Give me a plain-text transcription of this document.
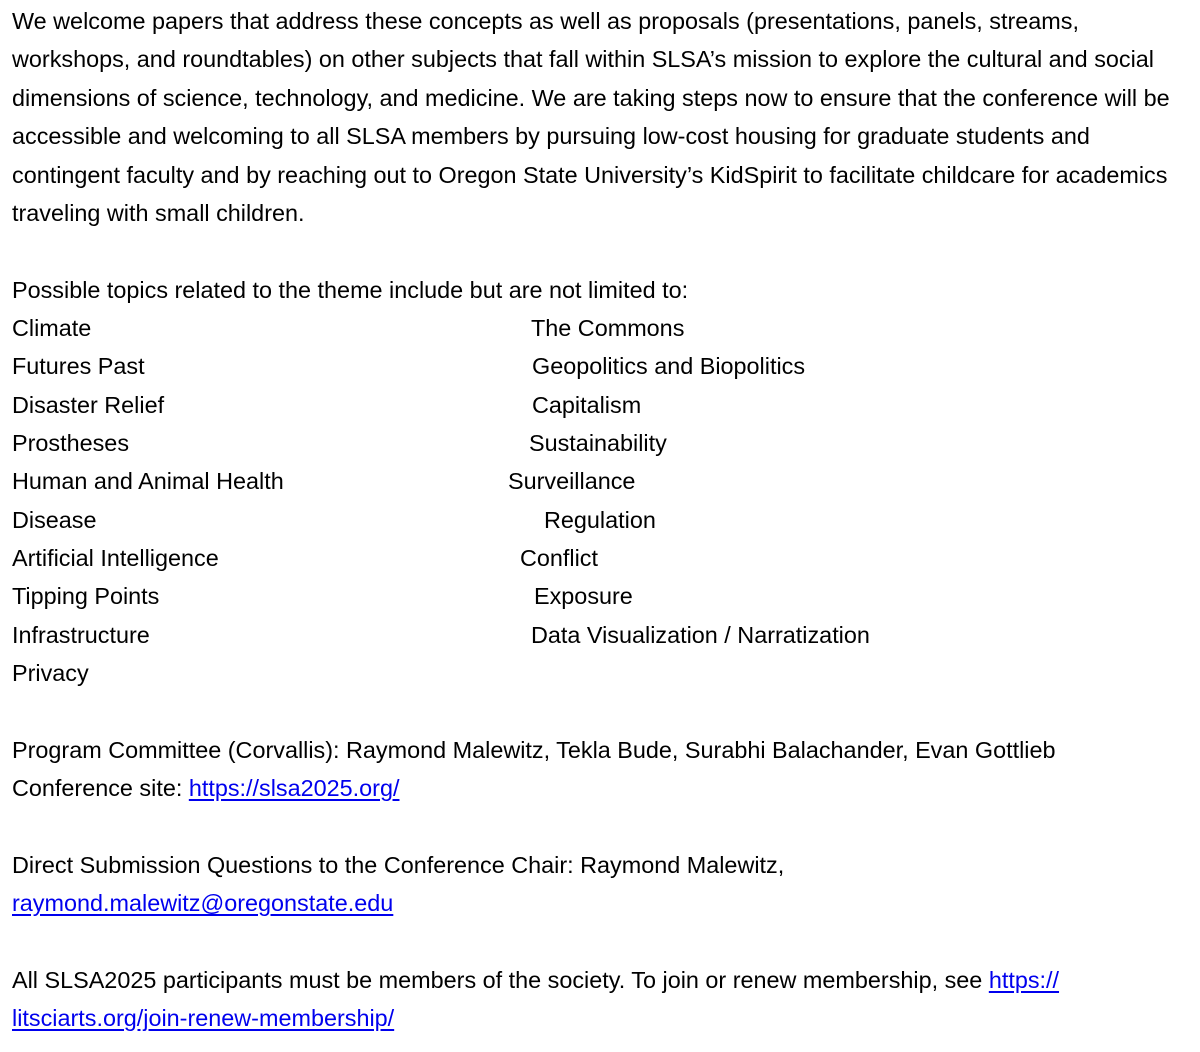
We welcome papers that address these concepts as well as proposals (presentations, panels, streams, workshops, and roundtables) on other subjects that fall within SLSA’s mission to explore the cultural and social dimensions of science, technology, and medicine. We are taking steps now to ensure that the conference will be accessible and welcoming to all SLSA members by pursuing low-cost housing for graduate students and contingent faculty and by reaching out to Oregon State University’s KidSpirit to facilitate childcare for academics traveling with small children.

Possible topics related to the theme include but are not limited to:

Climate
Futures Past
Disaster Relief
Prostheses
Human and Animal Health
Disease
Artificial Intelligence
Tipping Points
Infrastructure
Privacy
The Commons
Geopolitics and Biopolitics
Capitalism
Sustainability
Surveillance
Regulation
Conflict
Exposure
Data Visualization / Narratization

Program Committee (Corvallis): Raymond Malewitz, Tekla Bude, Surabhi Balachander, Evan Gottlieb

Conference site: https://slsa2025.org/

Direct Submission Questions to the Conference Chair: Raymond Malewitz,

raymond.malewitz@oregonstate.edu

All SLSA2025 participants must be members of the society. To join or renew membership, see https://
litsciarts.org/join-renew-membership/
